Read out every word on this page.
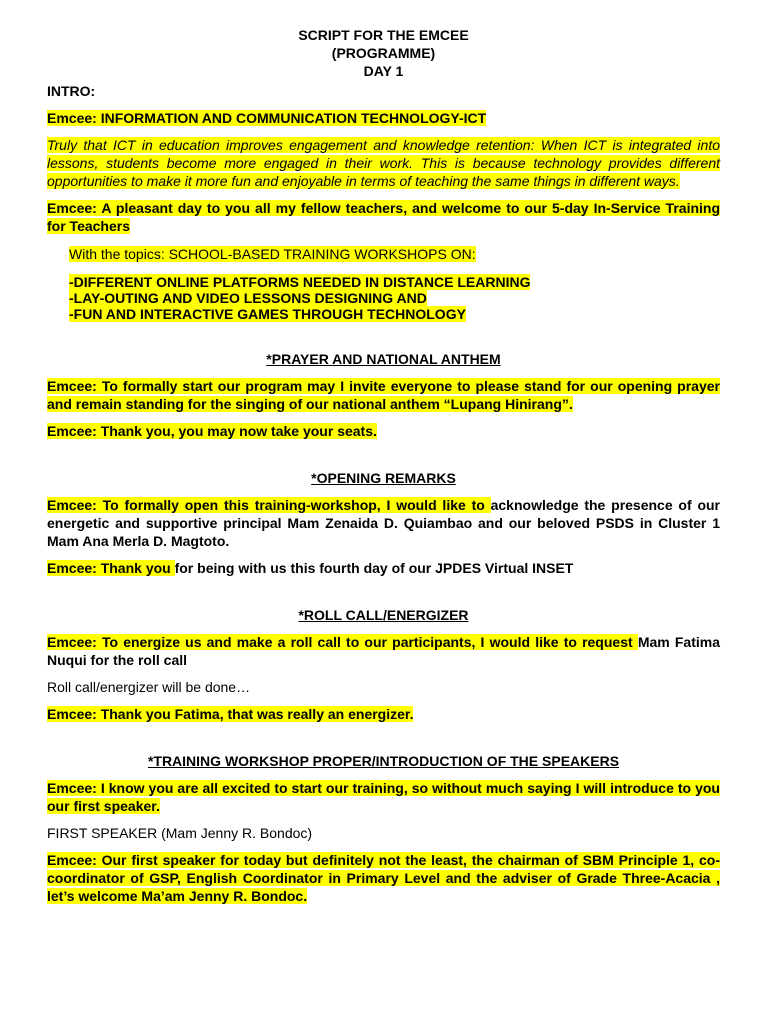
SCRIPT FOR THE EMCEE

(PROGRAMME)

DAY 1

INTRO:

Emcee: INFORMATION AND COMMUNICATION TECHNOLOGY-ICT

Truly that ICT in education improves engagement and knowledge retention: When ICT is integrated into lessons, students become more engaged in their work. This is because technology provides different opportunities to make it more fun and enjoyable in terms of teaching the same things in different ways.

Emcee: A pleasant day to you all my fellow teachers, and welcome to our 5-day In-Service Training for Teachers

With the topics: SCHOOL-BASED TRAINING WORKSHOPS ON:

-DIFFERENT ONLINE PLATFORMS NEEDED IN DISTANCE LEARNING

-LAY-OUTING AND VIDEO LESSONS DESIGNING AND

-FUN AND INTERACTIVE GAMES THROUGH TECHNOLOGY

*PRAYER AND NATIONAL ANTHEM

Emcee: To formally start our program may I invite everyone to please stand for our opening prayer and remain standing for the singing of our national anthem “Lupang Hinirang”.

Emcee: Thank you, you may now take your seats.

*OPENING REMARKS

Emcee: To formally open this training-workshop, I would like to acknowledge the presence of our energetic and supportive principal Mam Zenaida D. Quiambao and our beloved PSDS in Cluster 1 Mam Ana Merla D. Magtoto.

Emcee: Thank you for being with us this fourth day of our JPDES Virtual INSET

*ROLL CALL/ENERGIZER

Emcee: To energize us and make a roll call to our participants, I would like to request Mam Fatima Nuqui for the roll call

Roll call/energizer will be done…

Emcee: Thank you Fatima, that was really an energizer.

*TRAINING WORKSHOP PROPER/INTRODUCTION OF THE SPEAKERS

Emcee: I know you are all excited to start our training, so without much saying I will introduce to you our first speaker.

FIRST SPEAKER (Mam Jenny R. Bondoc)

Emcee: Our first speaker for today but definitely not the least, the chairman of SBM Principle 1, co-coordinator of GSP, English Coordinator in Primary Level and the adviser of Grade Three-Acacia , let’s welcome Ma’am Jenny R. Bondoc.
